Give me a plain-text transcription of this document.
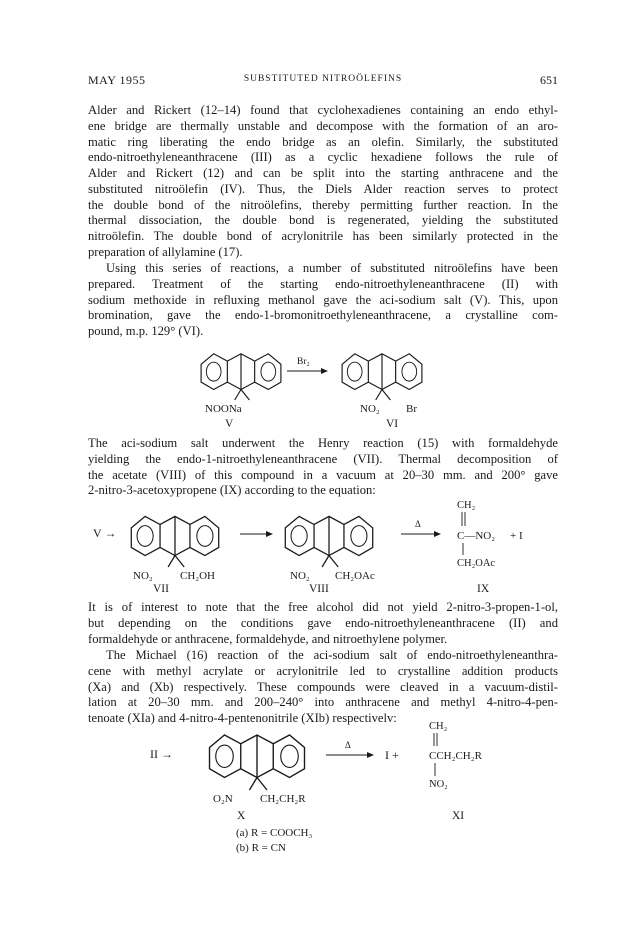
MAY 1955	SUBSTITUTED NITROÖLEFINS	651
Alder and Rickert (12–14) found that cyclohexadienes containing an endo ethyl-
ene bridge are thermally unstable and decompose with the formation of an aro-
matic ring liberating the endo bridge as an olefin. Similarly, the substituted
endo-nitroethyleneanthracene (III) as a cyclic hexadiene follows the rule of
Alder and Rickert (12) and can be split into the starting anthracene and the
substituted nitroölefin (IV). Thus, the Diels Alder reaction serves to protect
the double bond of the nitroölefins, thereby permitting further reaction. In the
thermal dissociation, the double bond is regenerated, yielding the substituted
nitroölefin. The double bond of acrylonitrile has been similarly protected in the
preparation of allylamine (17).
Using this series of reactions, a number of substituted nitroölefins have been
prepared. Treatment of the starting endo-nitroethyleneanthracene (II) with
sodium methoxide in refluxing methanol gave the aci-sodium salt (V). This, upon
bromination, gave the endo-1-bromonitroethyleneanthracene, a crystalline com-
pound, m.p. 129° (VI).
The aci-sodium salt underwent the Henry reaction (15) with formaldehyde
yielding the endo-1-nitroethyleneanthracene (VII). Thermal decomposition of
the acetate (VIII) of this compound in a vacuum at 20–30 mm. and 200° gave
2-nitro-3-acetoxypropene (IX) according to the equation:
It is of interest to note that the free alcohol did not yield 2-nitro-3-propen-1-ol,
but depending on the conditions gave endo-nitroethyleneanthracene (II) and
formaldehyde or anthracene, formaldehyde, and nitroethylene polymer.
The Michael (16) reaction of the aci-sodium salt of endo-nitroethyleneanthra-
cene with methyl acrylate or acrylonitrile led to crystalline addition products
(Xa) and (Xb) respectively. These compounds were cleaved in a vacuum-distil-
lation at 20–30 mm. and 200–240° into anthracene and methyl 4-nitro-4-pen-
tenoate (XIa) and 4-nitro-4-pentenonitrile (XIb) respectivelv:
NOONa
V
Br₂
NO₂ Br
VI
V →
NO₂ CH₂OH
VII
NO₂ CH₂OAc
VIII
Δ
CH₂
C—NO₂ + I
CH₂OAc
IX
II →
O₂N CH₂CH₂R
X
Δ
I +
CH₂
CCH₂CH₂R
NO₂
XI
(a) R = COOCH₃
(b) R = CN
